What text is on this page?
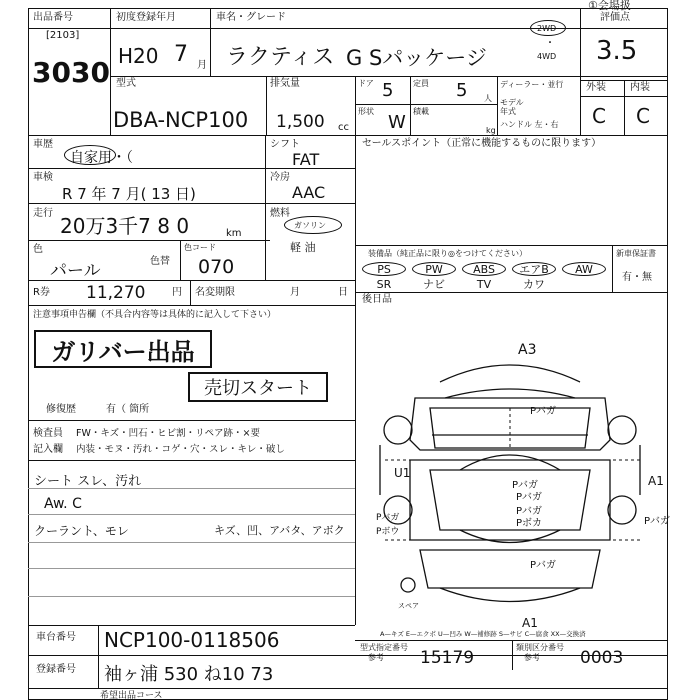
出品番号
[2103]
3030
初度登録年月
H20 7 月
車名・グレード
ラクティス G Sパッケージ
①会場扱
2WD
・
4WD
評価点
3.5
型式
DBA-NCP100
排気量
1,500 cc
ドア 5 定員 5 人
形状
W
積載
kg
ディーラー・並行
モデル
年式
ハンドル 左・右
外装 内装
C C
車歴
自家用・（
シフト
FAT
車検
R 7 年 7 月( 13 日)
冷房
AAC
走行
20万3千7 8 0	km
燃料
ガソリン
軽 油
色
パール	色替
色コード
070
R券 11,270	円 名変期限	月	日
セールスポイント（正常に機能するものに限ります）
装備品（純正品に限り◎をつけてください）	新車保証書
有・無
PS	PW	ABS	エアB	AW
SR	ナビ	TV	カワ
後日品
注意事項申告欄（不具合内容等は具体的に記入して下さい）
ガリバー出品
売切スタート
修復歴	有（ 箇所
検査員 FW・キズ・凹石・ヒビ割・リペア跡・×要
記入欄 内装・モヌ・汚れ・コゲ・穴・スレ・キレ・破し
シート スレ、汚れ
Aw. C
クーラント、モレ	キズ、凹、アバタ、アボク
A3
A1
U1
A1
Pバガ
Pバガ
Pバガ
Pバガ
Pバガ
Pボカ
Pバガ
Pボウ
Pバガ
スペア
A—キズ E—エクボ U—凹み W—補修跡 S—サビ C—腐食 XX—交換済
車台番号 NCP100-0118506
登録番号 袖ヶ浦 530 ね10 73
型式指定番号
参考 15179
類別区分番号
参考 0003
希望出品コース
